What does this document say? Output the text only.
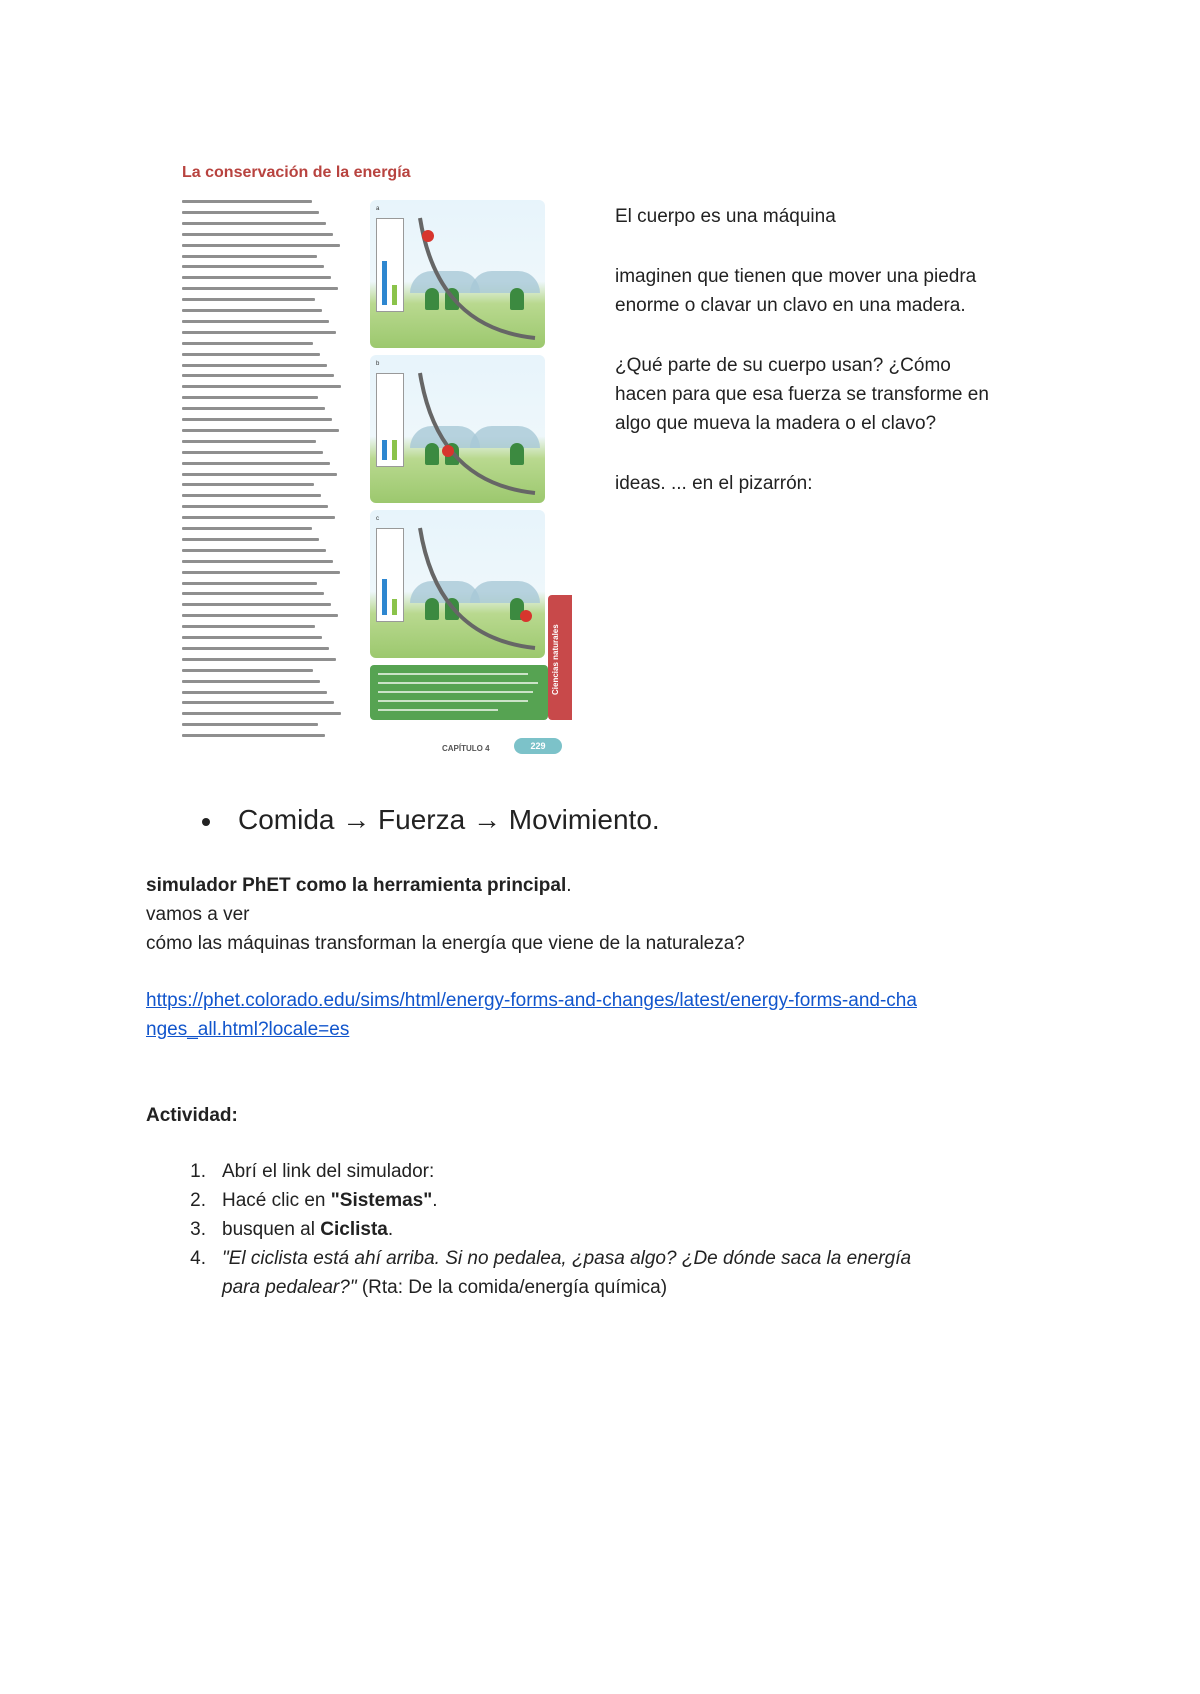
La conservación de la energía
a
b
c
Ciencias naturales
CAPÍTULO 4	229
El cuerpo es una máquina
imaginen que tienen que mover una piedra
enorme o clavar un clavo en una madera.
¿Qué parte de su cuerpo usan? ¿Cómo
hacen para que esa fuerza se transforme en
algo que mueva la madera o el clavo?
ideas. ... en el pizarrón:
Comida → Fuerza → Movimiento.
simulador PhET como la herramienta principal.
vamos a ver
cómo las máquinas transforman la energía que viene de la naturaleza?
https://phet.colorado.edu/sims/html/energy-forms-and-changes/latest/energy-forms-and-cha
nges_all.html?locale=es
Actividad:
1. Abrí el link del simulador:
2. Hacé clic en "Sistemas".
3. busquen al Ciclista.
4. "El ciclista está ahí arriba. Si no pedalea, ¿pasa algo? ¿De dónde saca la energía
para pedalear?" (Rta: De la comida/energía química)
